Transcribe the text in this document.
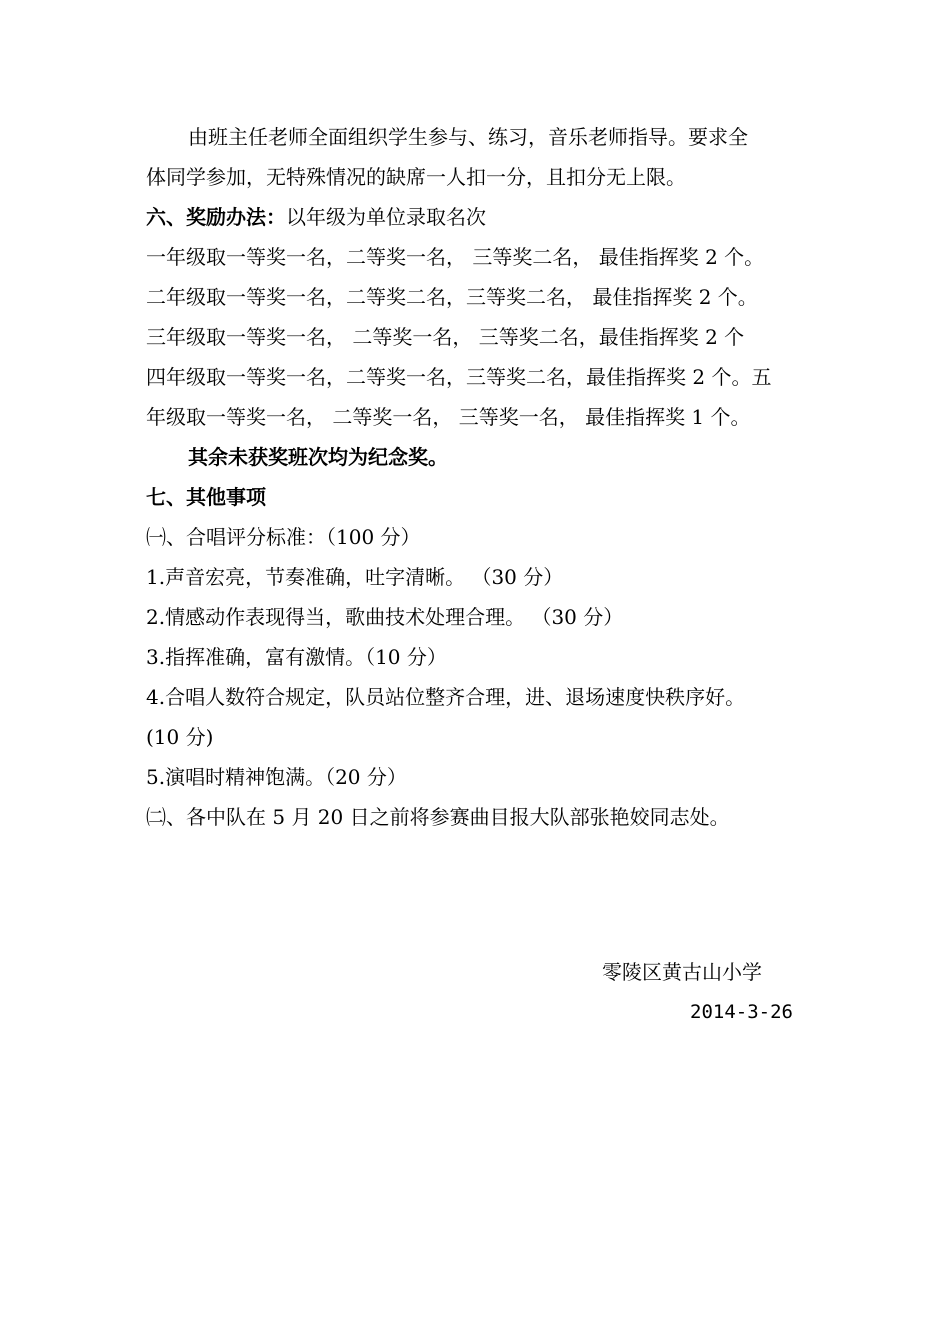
由班主任老师全面组织学生参与、练习，音乐老师指导。要求全
体同学参加，无特殊情况的缺席一人扣一分，且扣分无上限。
六、奖励办法：以年级为单位录取名次
一年级取一等奖一名，二等奖一名， 三等奖二名， 最佳指挥奖 2 个。
二年级取一等奖一名，二等奖二名，三等奖二名， 最佳指挥奖 2 个。
三年级取一等奖一名， 二等奖一名， 三等奖二名，最佳指挥奖 2 个
四年级取一等奖一名，二等奖一名，三等奖二名，最佳指挥奖 2 个。五
年级取一等奖一名， 二等奖一名， 三等奖一名， 最佳指挥奖 1 个。
其余未获奖班次均为纪念奖。
七、其他事项
㈠、合唱评分标准：（100 分）
1.声音宏亮，节奏准确，吐字清晰。 （30 分）
2.情感动作表现得当，歌曲技术处理合理。 （30 分）
3.指挥准确，富有激情。（10 分）
4.合唱人数符合规定，队员站位整齐合理，进、退场速度快秩序好。
(10 分)
5.演唱时精神饱满。（20 分）
㈡、各中队在 5 月 20 日之前将参赛曲目报大队部张艳姣同志处。
零陵区黄古山小学
2014-3-26
